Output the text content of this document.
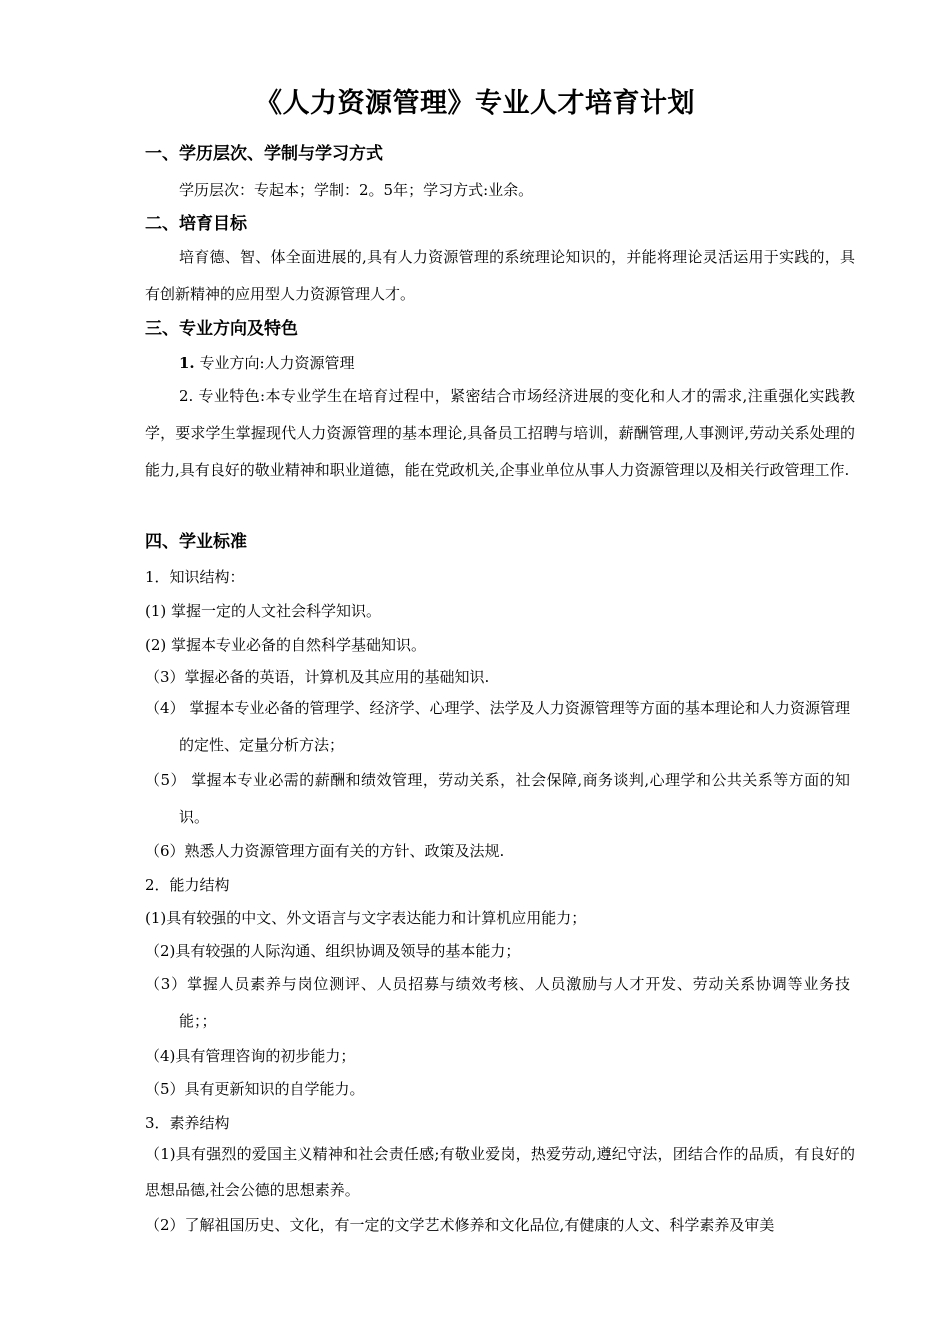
《人力资源管理》专业人才培育计划
一、学历层次、学制与学习方式
学历层次：专起本；学制：2。5年；学习方式:业余。
二、培育目标

培育德、智、体全面进展的,具有人力资源管理的系统理论知识的，并能将理论灵活运用于实践的，具有创新精神的应用型人力资源管理人才。

三、专业方向及特色
1. 专业方向:人力资源管理

2. 专业特色:本专业学生在培育过程中，紧密结合市场经济进展的变化和人才的需求,注重强化实践教学，要求学生掌握现代人力资源管理的基本理论,具备员工招聘与培训，薪酬管理,人事测评,劳动关系处理的能力,具有良好的敬业精神和职业道德，能在党政机关,企事业单位从事人力资源管理以及相关行政管理工作.

四、学业标准
1．知识结构：
(1) 掌握一定的人文社会科学知识。
(2) 掌握本专业必备的自然科学基础知识。
（3）掌握必备的英语，计算机及其应用的基础知识.
（4） 掌握本专业必备的管理学、经济学、心理学、法学及人力资源管理等方面的基本理论和人力资源管理的定性、定量分析方法；
（5） 掌握本专业必需的薪酬和绩效管理，劳动关系，社会保障,商务谈判,心理学和公共关系等方面的知识。
（6）熟悉人力资源管理方面有关的方针、政策及法规.
2．能力结构
(1)具有较强的中文、外文语言与文字表达能力和计算机应用能力；
（2)具有较强的人际沟通、组织协调及领导的基本能力；
（3）掌握人员素养与岗位测评、人员招募与绩效考核、人员激励与人才开发、劳动关系协调等业务技能；；
（4)具有管理咨询的初步能力；
（5）具有更新知识的自学能力。
3．素养结构

（1)具有强烈的爱国主义精神和社会责任感;有敬业爱岗，热爱劳动,遵纪守法，团结合作的品质，有良好的思想品德,社会公德的思想素养。

（2）了解祖国历史、文化，有一定的文学艺术修养和文化品位,有健康的人文、科学素养及审美
